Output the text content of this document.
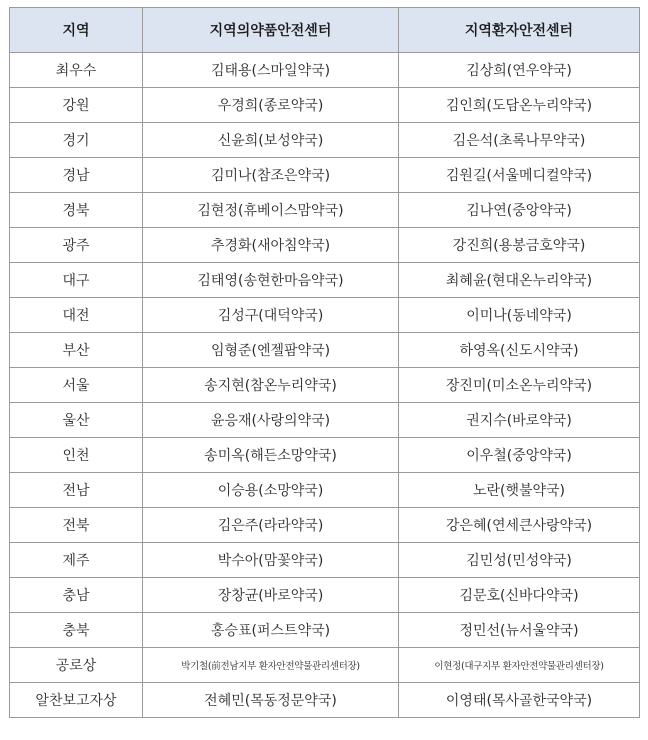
지역	지역의약품안전센터	지역환자안전센터
최우수	김태용(스마일약국)	김상희(연우약국)
강원	우경희(종로약국)	김인희(도담온누리약국)
경기	신윤희(보성약국)	김은석(초록나무약국)
경남	김미나(참조은약국)	김원길(서울메디컬약국)
경북	김현정(휴베이스맘약국)	김나연(중앙약국)
광주	추경화(새아침약국)	강진희(용봉금호약국)
대구	김태영(송현한마음약국)	최혜윤(현대온누리약국)
대전	김성구(대덕약국)	이미나(동네약국)
부산	임형준(엔젤팜약국)	하영옥(신도시약국)
서울	송지현(참온누리약국)	장진미(미소온누리약국)
울산	윤응재(사랑의약국)	권지수(바로약국)
인천	송미옥(해든소망약국)	이우철(중앙약국)
전남	이승용(소망약국)	노란(햇불약국)
전북	김은주(라라약국)	강은혜(연세큰사랑약국)
제주	박수아(맘꽃약국)	김민성(민성약국)
충남	장창균(바로약국)	김문호(신바다약국)
충북	홍승표(퍼스트약국)	정민선(뉴서울약국)
공로상	박기철(前전남지부 환자안전약물관리센터장)	이현정(대구지부 환자안전약물관리센터장)
알찬보고자상	전혜민(목동정문약국)	이영태(목사골한국약국)
